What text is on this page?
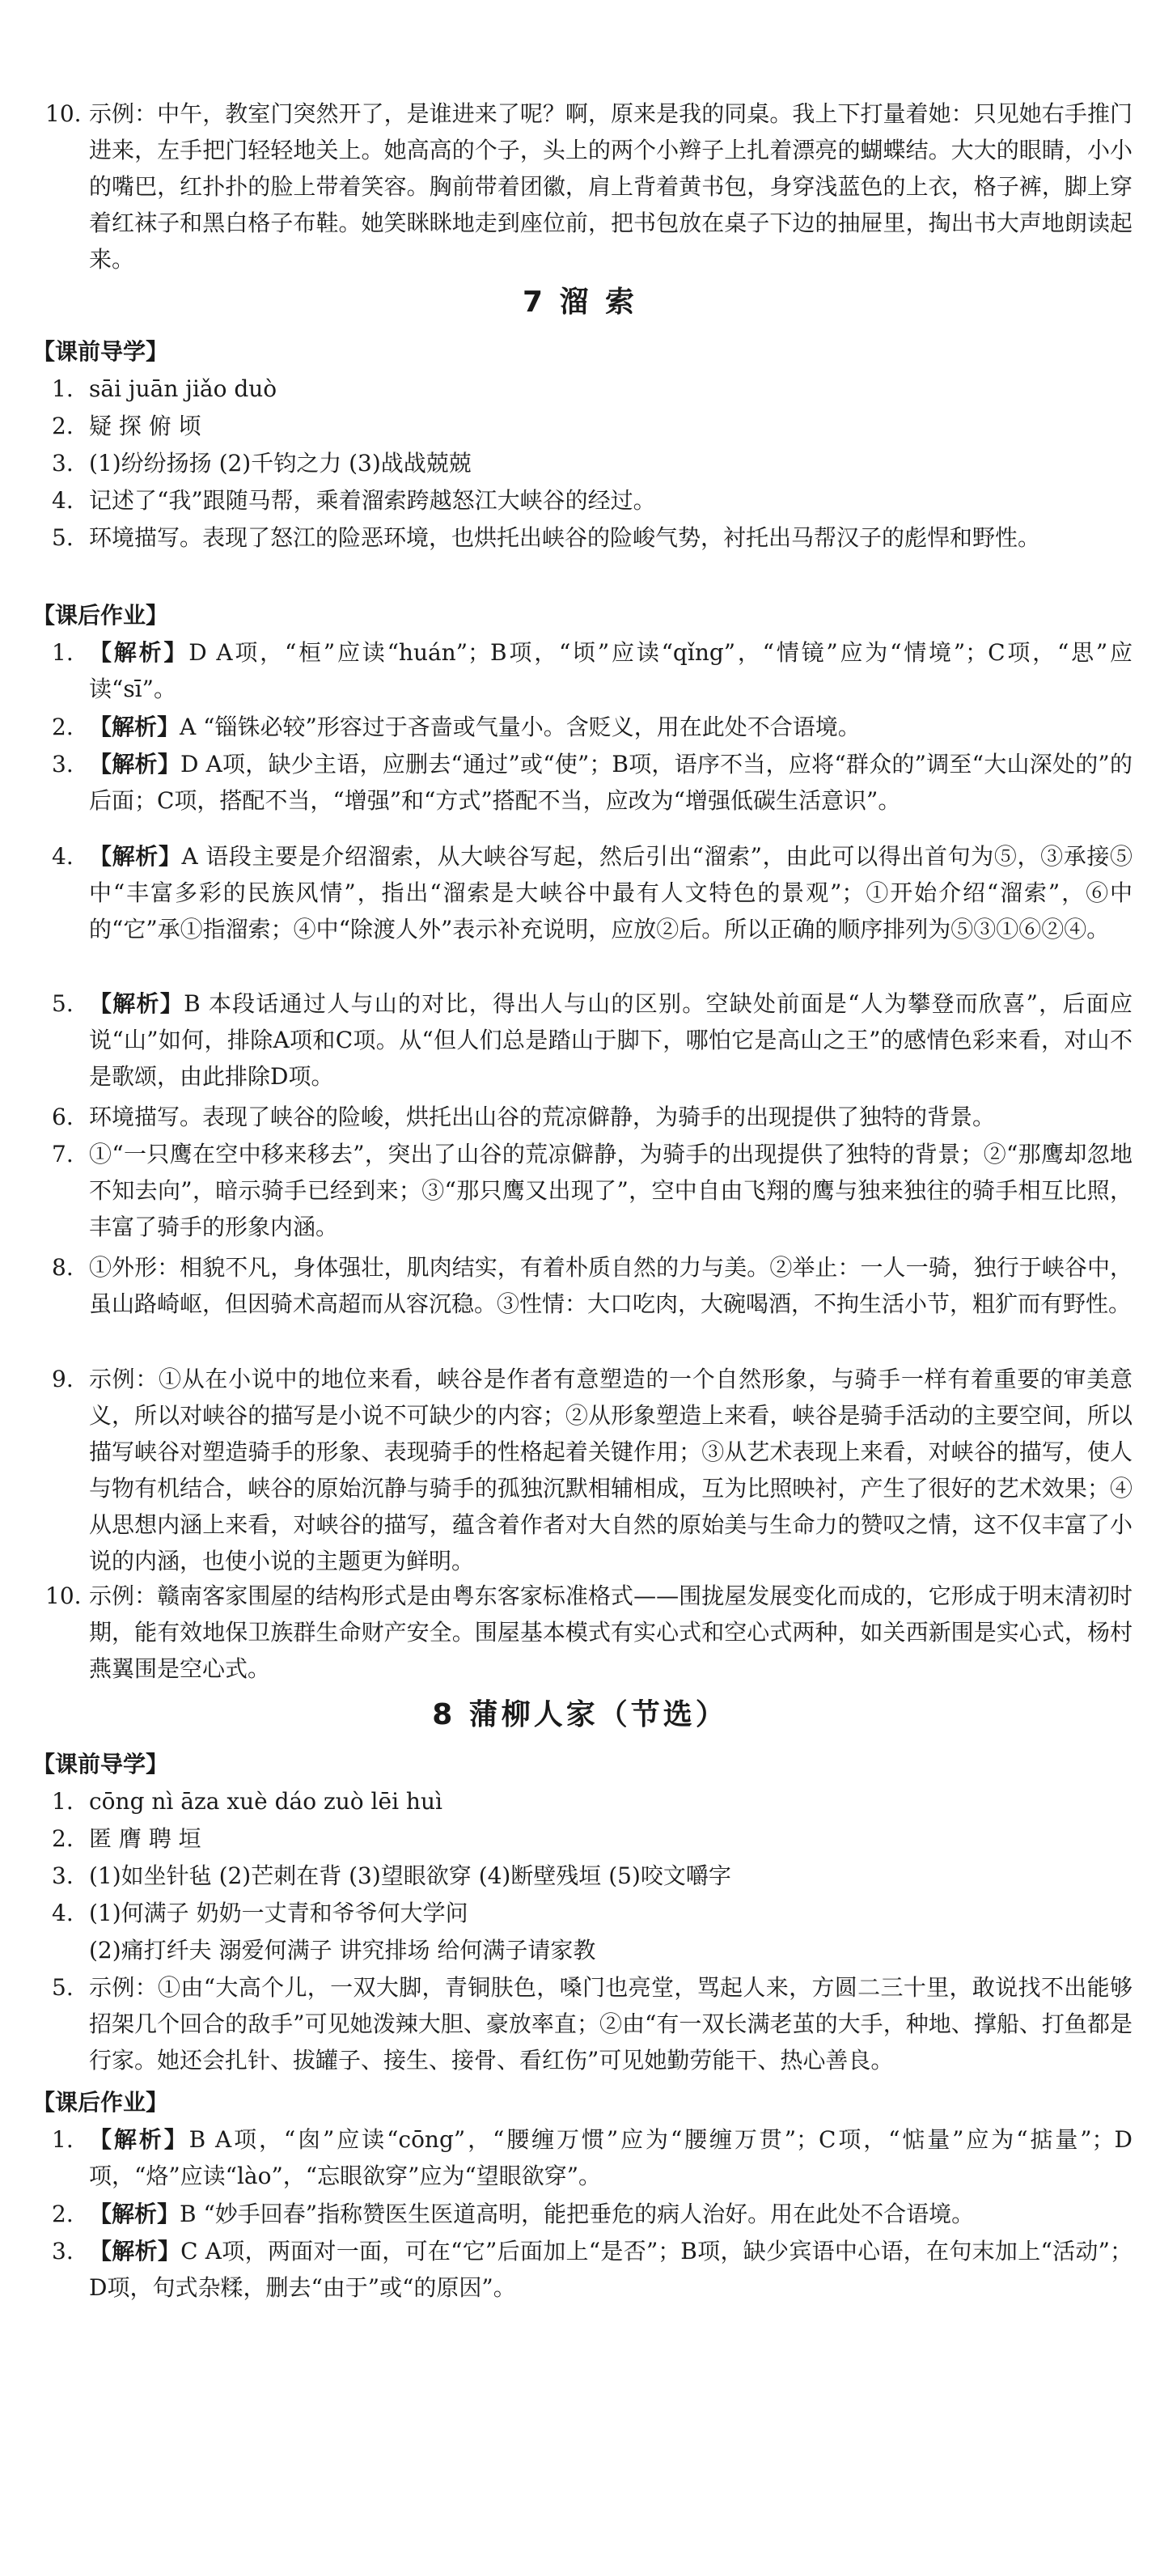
10. 示例：中午，教室门突然开了，是谁进来了呢？啊，原来是我的同桌。我上下打量着她：只见她右手推门进来，左手把门轻轻地关上。她高高的个子，头上的两个小辫子上扎着漂亮的蝴蝶结。大大的眼睛，小小的嘴巴，红扑扑的脸上带着笑容。胸前带着团徽，肩上背着黄书包，身穿浅蓝色的上衣，格子裤，脚上穿着红袜子和黑白格子布鞋。她笑眯眯地走到座位前，把书包放在桌子下边的抽屉里，掏出书大声地朗读起来。
7 溜 索
【课前导学】
1. sāi juān jiǎo duò
2. 疑 探 俯 顷
3. (1)纷纷扬扬 (2)千钧之力 (3)战战兢兢
4. 记述了“我”跟随马帮，乘着溜索跨越怒江大峡谷的经过。
5. 环境描写。表现了怒江的险恶环境，也烘托出峡谷的险峻气势，衬托出马帮汉子的彪悍和野性。
【课后作业】
1. 【解析】D A项，“桓”应读“huán”；B项，“顷”应读“qǐng”，“情镜”应为“情境”；C项，“思”应读“sī”。
2. 【解析】A “锱铢必较”形容过于吝啬或气量小。含贬义，用在此处不合语境。
3. 【解析】D A项，缺少主语，应删去“通过”或“使”；B项，语序不当，应将“群众的”调至“大山深处的”的后面；C项，搭配不当，“增强”和“方式”搭配不当，应改为“增强低碳生活意识”。
4. 【解析】A 语段主要是介绍溜索，从大峡谷写起，然后引出“溜索”，由此可以得出首句为⑤，③承接⑤中“丰富多彩的民族风情”，指出“溜索是大峡谷中最有人文特色的景观”；①开始介绍“溜索”，⑥中的“它”承①指溜索；④中“除渡人外”表示补充说明，应放②后。所以正确的顺序排列为⑤③①⑥②④。
5. 【解析】B 本段话通过人与山的对比，得出人与山的区别。空缺处前面是“人为攀登而欣喜”，后面应说“山”如何，排除A项和C项。从“但人们总是踏山于脚下，哪怕它是高山之王”的感情色彩来看，对山不是歌颂，由此排除D项。
6. 环境描写。表现了峡谷的险峻，烘托出山谷的荒凉僻静，为骑手的出现提供了独特的背景。
7. ①“一只鹰在空中移来移去”，突出了山谷的荒凉僻静，为骑手的出现提供了独特的背景；②“那鹰却忽地不知去向”，暗示骑手已经到来；③“那只鹰又出现了”，空中自由飞翔的鹰与独来独往的骑手相互比照，丰富了骑手的形象内涵。
8. ①外形：相貌不凡，身体强壮，肌肉结实，有着朴质自然的力与美。②举止：一人一骑，独行于峡谷中，虽山路崎岖，但因骑术高超而从容沉稳。③性情：大口吃肉，大碗喝酒，不拘生活小节，粗犷而有野性。
9. 示例：①从在小说中的地位来看，峡谷是作者有意塑造的一个自然形象，与骑手一样有着重要的审美意义，所以对峡谷的描写是小说不可缺少的内容；②从形象塑造上来看，峡谷是骑手活动的主要空间，所以描写峡谷对塑造骑手的形象、表现骑手的性格起着关键作用；③从艺术表现上来看，对峡谷的描写，使人与物有机结合，峡谷的原始沉静与骑手的孤独沉默相辅相成，互为比照映衬，产生了很好的艺术效果；④从思想内涵上来看，对峡谷的描写，蕴含着作者对大自然的原始美与生命力的赞叹之情，这不仅丰富了小说的内涵，也使小说的主题更为鲜明。
10. 示例：赣南客家围屋的结构形式是由粤东客家标准格式——围拢屋发展变化而成的，它形成于明末清初时期，能有效地保卫族群生命财产安全。围屋基本模式有实心式和空心式两种，如关西新围是实心式，杨村燕翼围是空心式。
8 蒲柳人家（节选）
【课前导学】
1. cōng nì āza xuè dáo zuò lēi huì
2. 匿 膺 聘 垣
3. (1)如坐针毡 (2)芒刺在背 (3)望眼欲穿 (4)断壁残垣 (5)咬文嚼字
4. (1)何满子 奶奶一丈青和爷爷何大学问
(2)痛打纤夫 溺爱何满子 讲究排场 给何满子请家教
5. 示例：①由“大高个儿，一双大脚，青铜肤色，嗓门也亮堂，骂起人来，方圆二三十里，敢说找不出能够招架几个回合的敌手”可见她泼辣大胆、豪放率直；②由“有一双长满老茧的大手，种地、撑船、打鱼都是行家。她还会扎针、拔罐子、接生、接骨、看红伤”可见她勤劳能干、热心善良。
【课后作业】
1. 【解析】B A项，“囱”应读“cōng”，“腰缠万惯”应为“腰缠万贯”；C项，“惦量”应为“掂量”；D项，“烙”应读“lào”，“忘眼欲穿”应为“望眼欲穿”。
2. 【解析】B “妙手回春”指称赞医生医道高明，能把垂危的病人治好。用在此处不合语境。
3. 【解析】C A项，两面对一面，可在“它”后面加上“是否”；B项，缺少宾语中心语，在句末加上“活动”；D项，句式杂糅，删去“由于”或“的原因”。
